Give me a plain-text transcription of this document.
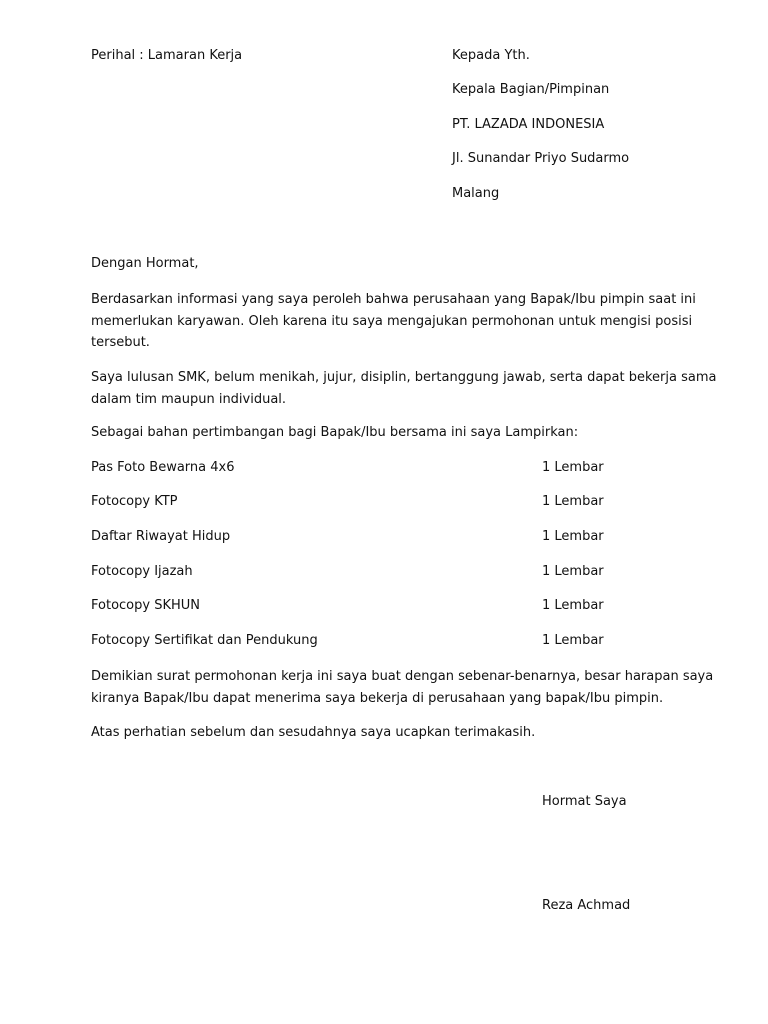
Perihal : Lamaran Kerja	Kepada Yth.
Kepala Bagian/Pimpinan
PT. LAZADA INDONESIA
Jl. Sunandar Priyo Sudarmo
Malang
Dengan Hormat,
Berdasarkan informasi yang saya peroleh bahwa perusahaan yang Bapak/Ibu pimpin saat ini
memerlukan karyawan. Oleh karena itu saya mengajukan permohonan untuk mengisi posisi
tersebut.
Saya lulusan SMK, belum menikah, jujur, disiplin, bertanggung jawab, serta dapat bekerja sama
dalam tim maupun individual.
Sebagai bahan pertimbangan bagi Bapak/Ibu bersama ini saya Lampirkan:
Pas Foto Bewarna 4x6	1 Lembar
Fotocopy KTP	1 Lembar
Daftar Riwayat Hidup	1 Lembar
Fotocopy Ijazah	1 Lembar
Fotocopy SKHUN	1 Lembar
Fotocopy Sertifikat dan Pendukung	1 Lembar
Demikian surat permohonan kerja ini saya buat dengan sebenar-benarnya, besar harapan saya
kiranya Bapak/Ibu dapat menerima saya bekerja di perusahaan yang bapak/Ibu pimpin.
Atas perhatian sebelum dan sesudahnya saya ucapkan terimakasih.
Hormat Saya
Reza Achmad
